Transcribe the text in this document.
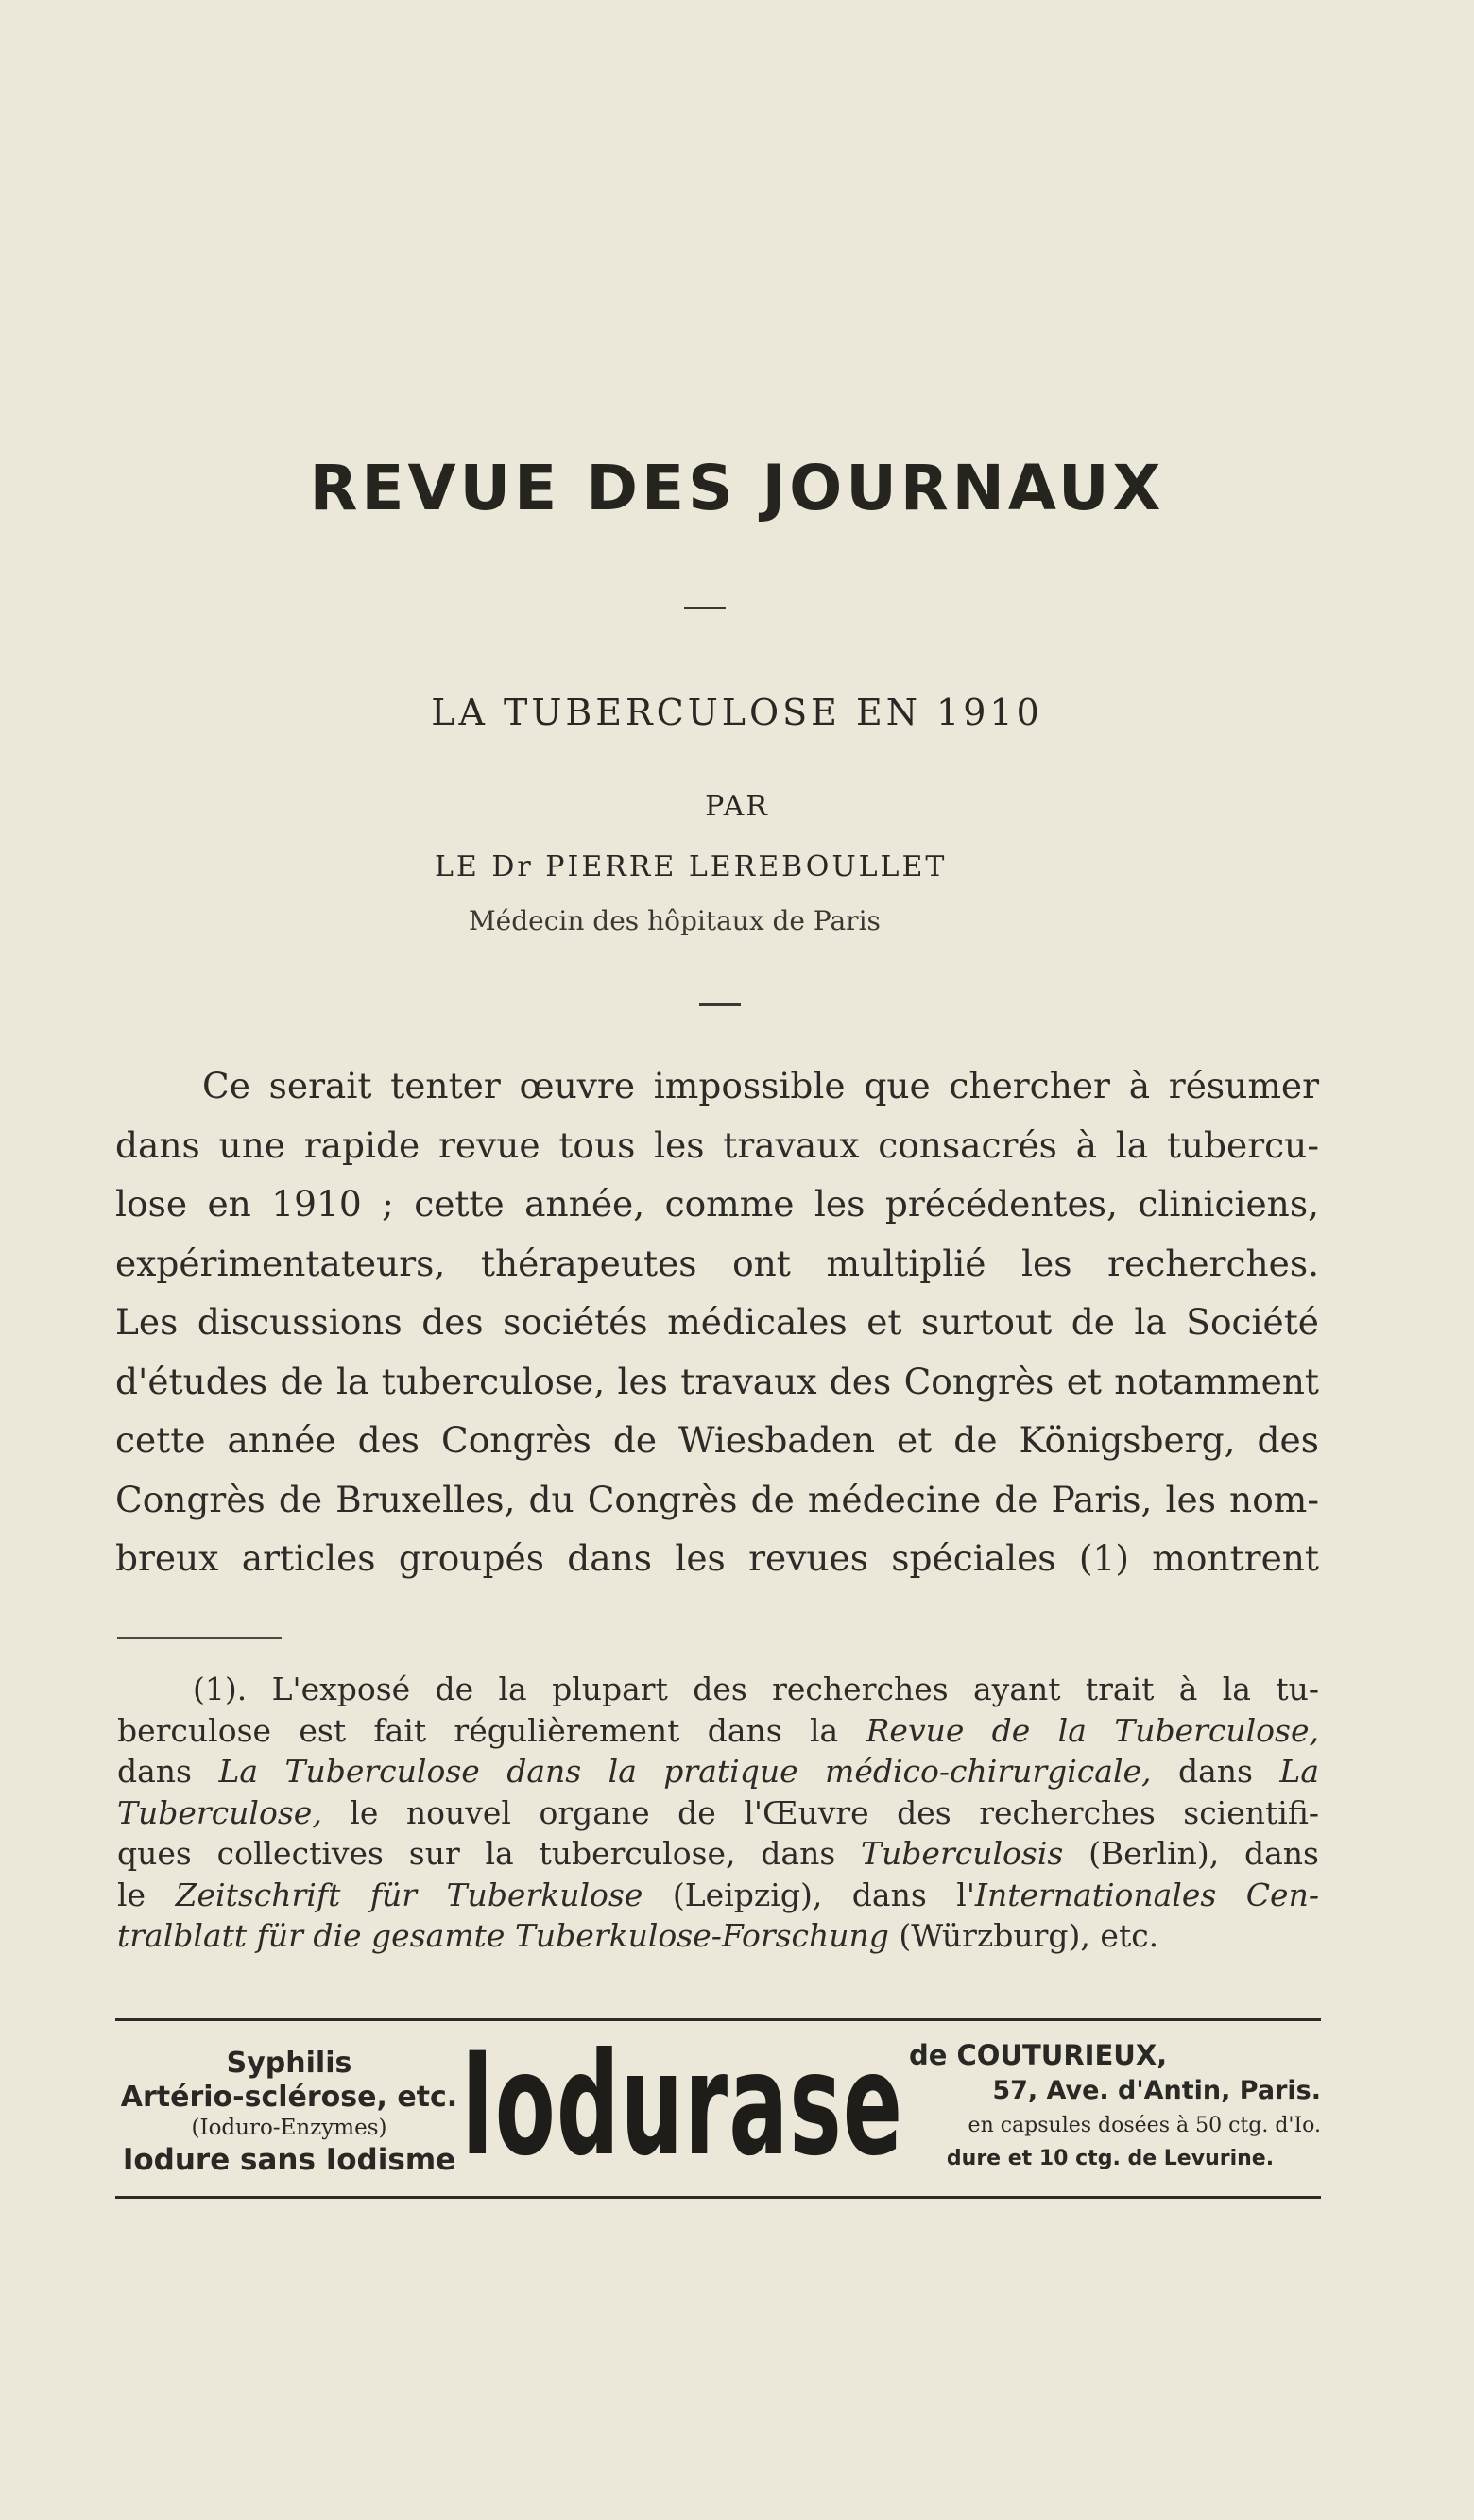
REVUE DES JOURNAUX
LA TUBERCULOSE EN 1910
PAR
LE Dr PIERRE LEREBOULLET
Médecin des hôpitaux de Paris

Ce serait tenter œuvre impossible que chercher à résumer

dans une rapide revue tous les travaux consacrés à la tubercu-

lose en 1910 ; cette année, comme les précédentes, cliniciens,

expérimentateurs, thérapeutes ont multiplié les recherches.

Les discussions des sociétés médicales et surtout de la Société

d'études de la tuberculose, les travaux des Congrès et notamment

cette année des Congrès de Wiesbaden et de Königsberg, des

Congrès de Bruxelles, du Congrès de médecine de Paris, les nom-

breux articles groupés dans les revues spéciales (1) montrent

(1). L'exposé de la plupart des recherches ayant trait à la tu-
berculose est fait régulièrement dans la Revue de la Tuberculose,
dans La Tuberculose dans la pratique médico-chirurgicale, dans La
Tuberculose, le nouvel organe de l'Œuvre des recherches scientifi-
ques collectives sur la tuberculose, dans Tuberculosis (Berlin), dans
le Zeitschrift für Tuberkulose (Leipzig), dans l'Internationales Cen-
tralblatt für die gesamte Tuberkulose-Forschung (Würzburg), etc.
Syphilis
Artério-sclérose, etc.
(Ioduro-Enzymes)
Iodure sans Iodisme Iodurase de COUTURIEUX,
57, Ave. d'Antin, Paris.
en capsules dosées à 50 ctg. d'Io.
dure et 10 ctg. de Levurine.
